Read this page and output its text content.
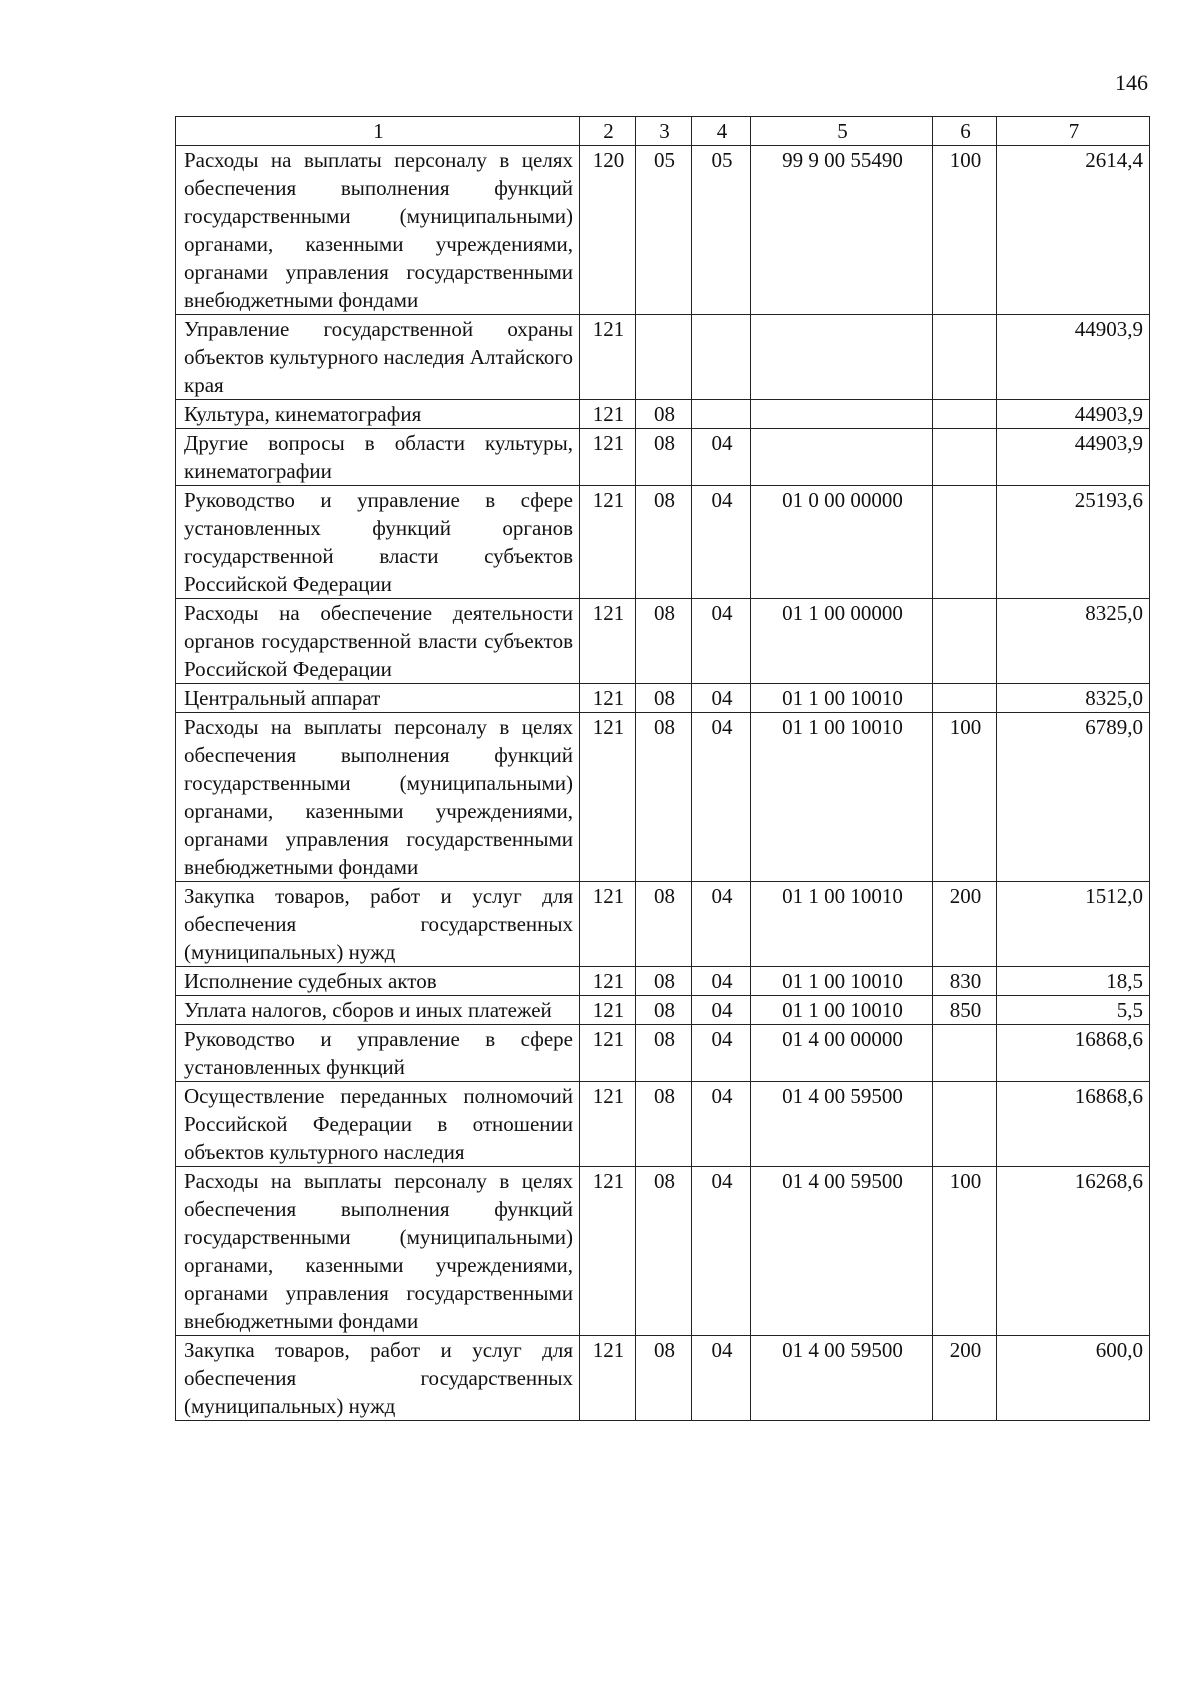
146
1	2	3	4	5	6	7
Расходы на выплаты персоналу в целях обеспечения выполнения функций государственными (муниципальными) органами, казенными учреждениями, органами управления государственными внебюджетными фондами	120	05	05	99 9 00 55490	100	2614,4
Управление государственной охраны объектов культурного наследия Алтайского края	121					44903,9
Культура, кинематография	121	08				44903,9
Другие вопросы в области культуры, кинематографии	121	08	04			44903,9
Руководство и управление в сфере установленных функций органов государственной власти субъектов Российской Федерации	121	08	04	01 0 00 00000		25193,6
Расходы на обеспечение деятельности органов государственной власти субъектов Российской Федерации	121	08	04	01 1 00 00000		8325,0
Центральный аппарат	121	08	04	01 1 00 10010		8325,0
Расходы на выплаты персоналу в целях обеспечения выполнения функций государственными (муниципальными) органами, казенными учреждениями, органами управления государственными внебюджетными фондами	121	08	04	01 1 00 10010	100	6789,0
Закупка товаров, работ и услуг для обеспечения государственных (муниципальных) нужд	121	08	04	01 1 00 10010	200	1512,0
Исполнение судебных актов	121	08	04	01 1 00 10010	830	18,5
Уплата налогов, сборов и иных платежей	121	08	04	01 1 00 10010	850	5,5
Руководство и управление в сфере установленных функций	121	08	04	01 4 00 00000		16868,6
Осуществление переданных полномочий Российской Федерации в отношении объектов культурного наследия	121	08	04	01 4 00 59500		16868,6
Расходы на выплаты персоналу в целях обеспечения выполнения функций государственными (муниципальными) органами, казенными учреждениями, органами управления государственными внебюджетными фондами	121	08	04	01 4 00 59500	100	16268,6
Закупка товаров, работ и услуг для обеспечения государственных (муниципальных) нужд	121	08	04	01 4 00 59500	200	600,0
